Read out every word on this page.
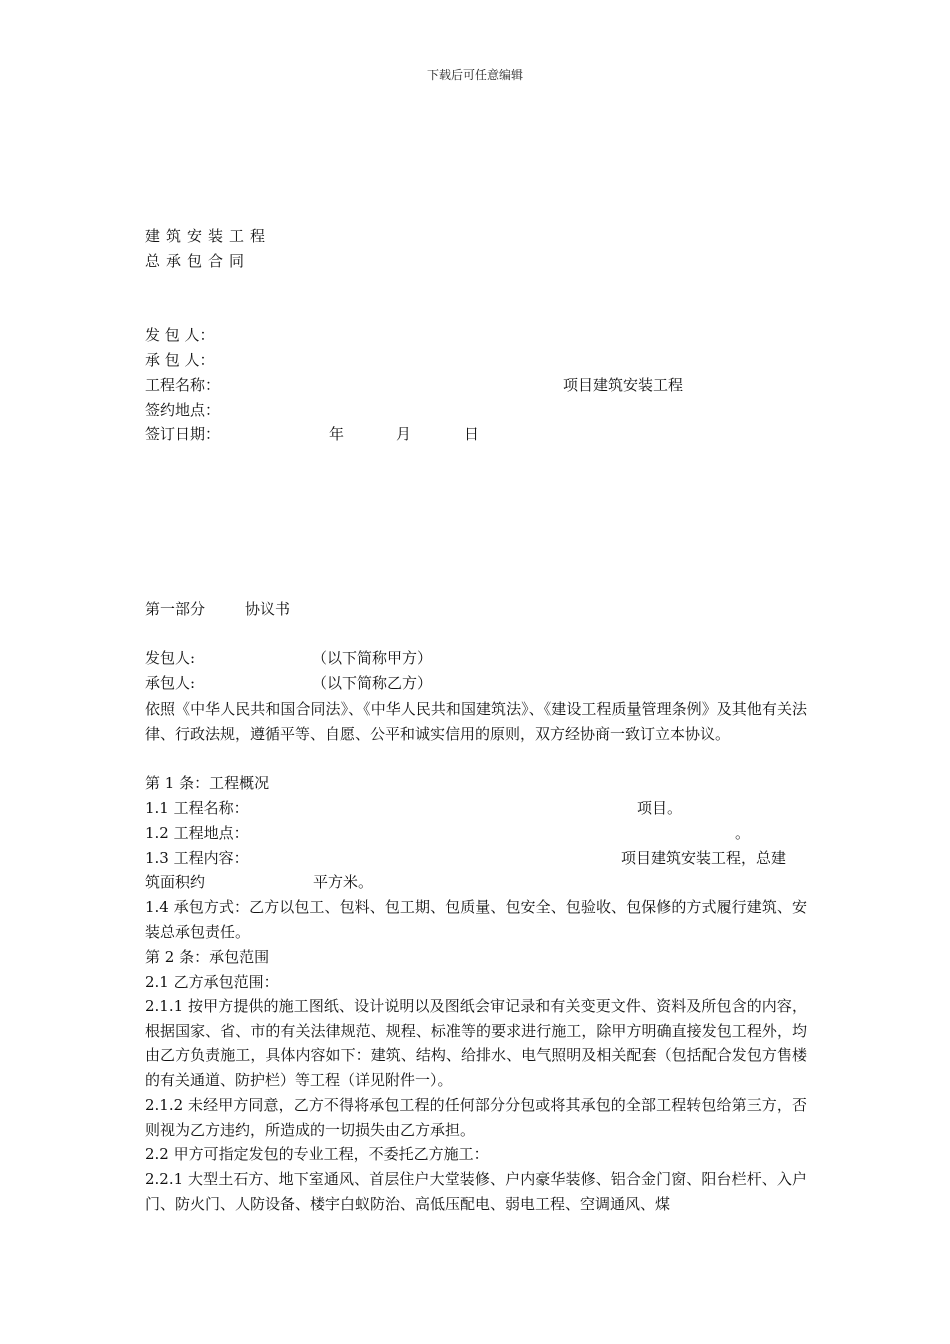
下载后可任意编辑
建筑安装工程
总承包合同
发 包 人：
承 包 人：
工程名称：	项目建筑安装工程
签约地点：
签订日期：	年	月	日
第一部分	协议书
发包人:	（以下简称甲方）
承包人:	（以下简称乙方）
依照《中华人民共和国合同法》、《中华人民共和国建筑法》、《建设工程质量管理条例》及其他有关法律、行政法规，遵循平等、自愿、公平和诚实信用的原则，双方经协商一致订立本协议。
第 1 条：工程概况
1.1 工程名称：	项目。
1.2 工程地点：	。
1.3 工程内容：	项目建筑安装工程，总建
筑面积约	平方米。
1.4 承包方式：乙方以包工、包料、包工期、包质量、包安全、包验收、包保修的方式履行建筑、安装总承包责任。
第 2 条：承包范围
2.1 乙方承包范围：
2.1.1 按甲方提供的施工图纸、设计说明以及图纸会审记录和有关变更文件、资料及所包含的内容，根据国家、省、市的有关法律规范、规程、标准等的要求进行施工，除甲方明确直接发包工程外，均由乙方负责施工，具体内容如下：建筑、结构、给排水、电气照明及相关配套（包括配合发包方售楼的有关通道、防护栏）等工程（详见附件一）。
2.1.2 未经甲方同意，乙方不得将承包工程的任何部分分包或将其承包的全部工程转包给第三方，否则视为乙方违约，所造成的一切损失由乙方承担。
2.2 甲方可指定发包的专业工程，不委托乙方施工：
2.2.1 大型土石方、地下室通风、首层住户大堂装修、户内豪华装修、铝合金门窗、阳台栏杆、入户门、防火门、人防设备、楼宇白蚁防治、高低压配电、弱电工程、空调通风、煤
